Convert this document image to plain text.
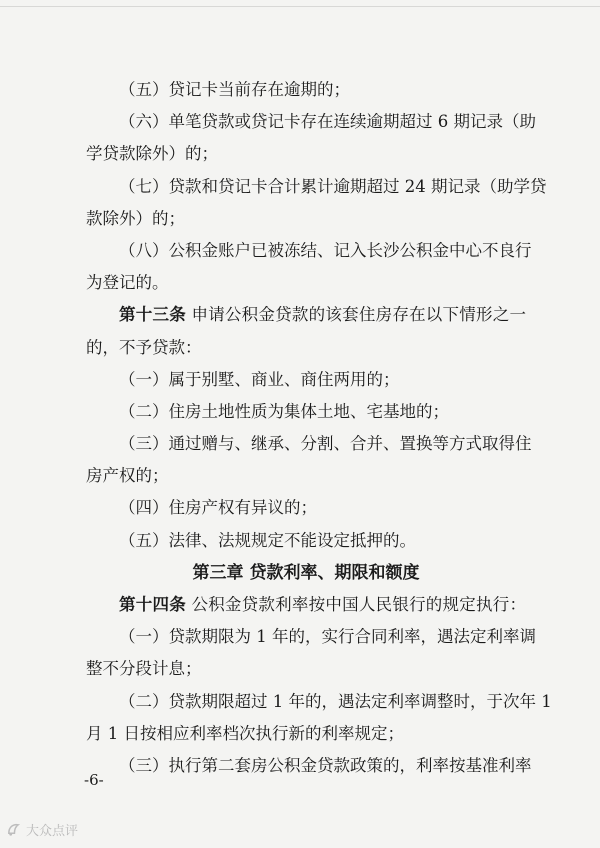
（五）贷记卡当前存在逾期的；
（六）单笔贷款或贷记卡存在连续逾期超过 6 期记录（助
学贷款除外）的；
（七）贷款和贷记卡合计累计逾期超过 24 期记录（助学贷
款除外）的；
（八）公积金账户已被冻结、记入长沙公积金中心不良行
为登记的。
第十三条 申请公积金贷款的该套住房存在以下情形之一
的，不予贷款：
（一）属于别墅、商业、商住两用的；
（二）住房土地性质为集体土地、宅基地的；
（三）通过赠与、继承、分割、合并、置换等方式取得住
房产权的；
（四）住房产权有异议的；
（五）法律、法规规定不能设定抵押的。
第三章 贷款利率、期限和额度
第十四条 公积金贷款利率按中国人民银行的规定执行：
（一）贷款期限为 1 年的，实行合同利率，遇法定利率调
整不分段计息；
（二）贷款期限超过 1 年的，遇法定利率调整时，于次年 1
月 1 日按相应利率档次执行新的利率规定；
（三）执行第二套房公积金贷款政策的，利率按基准利率
-6-
大众点评
